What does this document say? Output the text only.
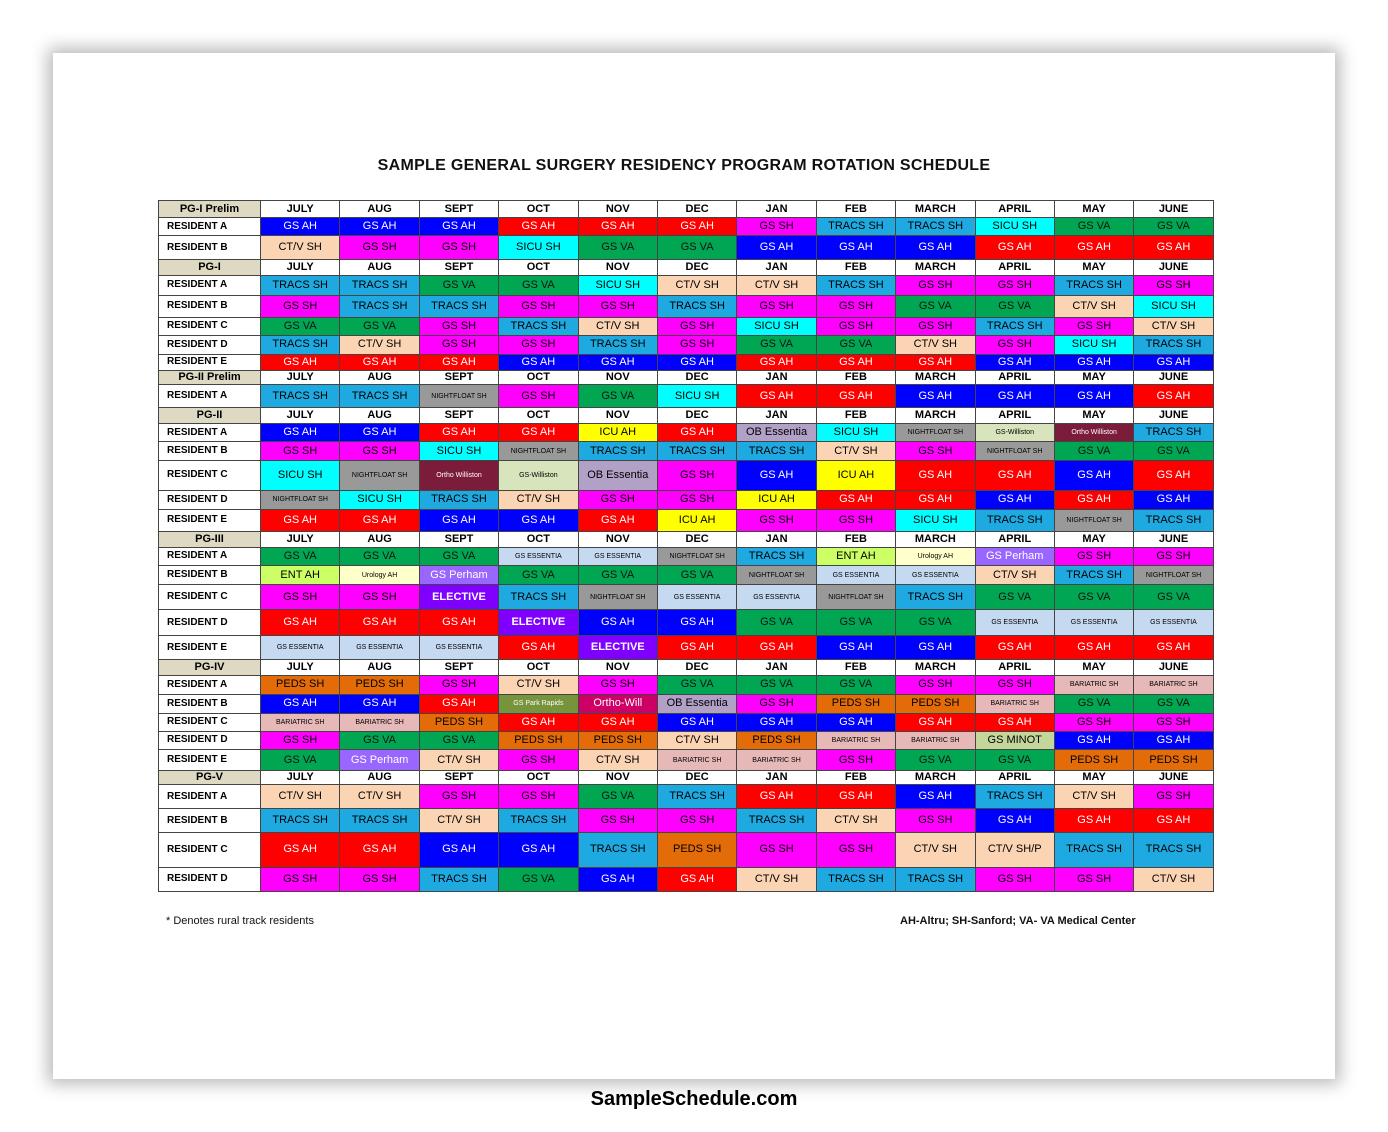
SAMPLE GENERAL SURGERY RESIDENCY PROGRAM ROTATION SCHEDULE
PG-I Prelim	JULY	AUG	SEPT	OCT	NOV	DEC	JAN	FEB	MARCH	APRIL	MAY	JUNE
RESIDENT A	GS AH	GS AH	GS AH	GS AH	GS AH	GS AH	GS SH	TRACS SH	TRACS SH	SICU SH	GS VA	GS VA
RESIDENT B	CT/V SH	GS SH	GS SH	SICU SH	GS VA	GS VA	GS AH	GS AH	GS AH	GS AH	GS AH	GS AH
PG-I	JULY	AUG	SEPT	OCT	NOV	DEC	JAN	FEB	MARCH	APRIL	MAY	JUNE
RESIDENT A	TRACS SH	TRACS SH	GS VA	GS VA	SICU SH	CT/V SH	CT/V SH	TRACS SH	GS SH	GS SH	TRACS SH	GS SH
RESIDENT B	GS SH	TRACS SH	TRACS SH	GS SH	GS SH	TRACS SH	GS SH	GS SH	GS VA	GS VA	CT/V SH	SICU SH
RESIDENT C	GS VA	GS VA	GS SH	TRACS SH	CT/V SH	GS SH	SICU SH	GS SH	GS SH	TRACS SH	GS SH	CT/V SH
RESIDENT D	TRACS SH	CT/V SH	GS SH	GS SH	TRACS SH	GS SH	GS VA	GS VA	CT/V SH	GS SH	SICU SH	TRACS SH
RESIDENT E	GS AH	GS AH	GS AH	GS AH	GS AH	GS AH	GS AH	GS AH	GS AH	GS AH	GS AH	GS AH
PG-II Prelim	JULY	AUG	SEPT	OCT	NOV	DEC	JAN	FEB	MARCH	APRIL	MAY	JUNE
RESIDENT A	TRACS SH	TRACS SH	NIGHTFLOAT SH	GS SH	GS VA	SICU SH	GS AH	GS AH	GS AH	GS AH	GS AH	GS AH
PG-II	JULY	AUG	SEPT	OCT	NOV	DEC	JAN	FEB	MARCH	APRIL	MAY	JUNE
RESIDENT A	GS AH	GS AH	GS AH	GS AH	ICU AH	GS AH	OB Essentia	SICU SH	NIGHTFLOAT SH	GS-Williston	Ortho Williston	TRACS SH
RESIDENT B	GS SH	GS SH	SICU SH	NIGHTFLOAT SH	TRACS SH	TRACS SH	TRACS SH	CT/V SH	GS SH	NIGHTFLOAT SH	GS VA	GS VA
RESIDENT C	SICU SH	NIGHTFLOAT SH	Ortho Williston	GS-Williston	OB Essentia	GS SH	GS AH	ICU AH	GS AH	GS AH	GS AH	GS AH
RESIDENT D	NIGHTFLOAT SH	SICU SH	TRACS SH	CT/V SH	GS SH	GS SH	ICU AH	GS AH	GS AH	GS AH	GS AH	GS AH
RESIDENT E	GS AH	GS AH	GS AH	GS AH	GS AH	ICU AH	GS SH	GS SH	SICU SH	TRACS SH	NIGHTFLOAT SH	TRACS SH
PG-III	JULY	AUG	SEPT	OCT	NOV	DEC	JAN	FEB	MARCH	APRIL	MAY	JUNE
RESIDENT A	GS VA	GS VA	GS VA	GS ESSENTIA	GS ESSENTIA	NIGHTFLOAT SH	TRACS SH	ENT AH	Urology AH	GS Perham	GS SH	GS SH
RESIDENT B	ENT AH	Urology AH	GS Perham	GS VA	GS VA	GS VA	NIGHTFLOAT SH	GS ESSENTIA	GS ESSENTIA	CT/V SH	TRACS SH	NIGHTFLOAT SH
RESIDENT C	GS SH	GS SH	ELECTIVE	TRACS SH	NIGHTFLOAT SH	GS ESSENTIA	GS ESSENTIA	NIGHTFLOAT SH	TRACS SH	GS VA	GS VA	GS VA
RESIDENT D	GS AH	GS AH	GS AH	ELECTIVE	GS AH	GS AH	GS VA	GS VA	GS VA	GS ESSENTIA	GS ESSENTIA	GS ESSENTIA
RESIDENT E	GS ESSENTIA	GS ESSENTIA	GS ESSENTIA	GS AH	ELECTIVE	GS AH	GS AH	GS AH	GS AH	GS AH	GS AH	GS AH
PG-IV	JULY	AUG	SEPT	OCT	NOV	DEC	JAN	FEB	MARCH	APRIL	MAY	JUNE
RESIDENT A	PEDS SH	PEDS SH	GS SH	CT/V SH	GS SH	GS VA	GS VA	GS VA	GS SH	GS SH	BARIATRIC SH	BARIATRIC SH
RESIDENT B	GS AH	GS AH	GS AH	GS Park Rapids	Ortho-Will	OB Essentia	GS SH	PEDS SH	PEDS SH	BARIATRIC SH	GS VA	GS VA
RESIDENT C	BARIATRIC SH	BARIATRIC SH	PEDS SH	GS AH	GS AH	GS AH	GS AH	GS AH	GS AH	GS AH	GS SH	GS SH
RESIDENT D	GS SH	GS VA	GS VA	PEDS SH	PEDS SH	CT/V SH	PEDS SH	BARIATRIC SH	BARIATRIC SH	GS MINOT	GS AH	GS AH
RESIDENT E	GS VA	GS Perham	CT/V SH	GS SH	CT/V SH	BARIATRIC SH	BARIATRIC SH	GS SH	GS VA	GS VA	PEDS SH	PEDS SH
PG-V	JULY	AUG	SEPT	OCT	NOV	DEC	JAN	FEB	MARCH	APRIL	MAY	JUNE
RESIDENT A	CT/V SH	CT/V SH	GS SH	GS SH	GS VA	TRACS SH	GS AH	GS AH	GS AH	TRACS SH	CT/V SH	GS SH
RESIDENT B	TRACS SH	TRACS SH	CT/V SH	TRACS SH	GS SH	GS SH	TRACS SH	CT/V SH	GS SH	GS AH	GS AH	GS AH
RESIDENT C	GS AH	GS AH	GS AH	GS AH	TRACS SH	PEDS SH	GS SH	GS SH	CT/V SH	CT/V SH/P	TRACS SH	TRACS SH
RESIDENT D	GS SH	GS SH	TRACS SH	GS VA	GS AH	GS AH	CT/V SH	TRACS SH	TRACS SH	GS SH	GS SH	CT/V SH
* Denotes rural track residents	AH-Altru; SH-Sanford; VA- VA Medical Center
SampleSchedule.com
